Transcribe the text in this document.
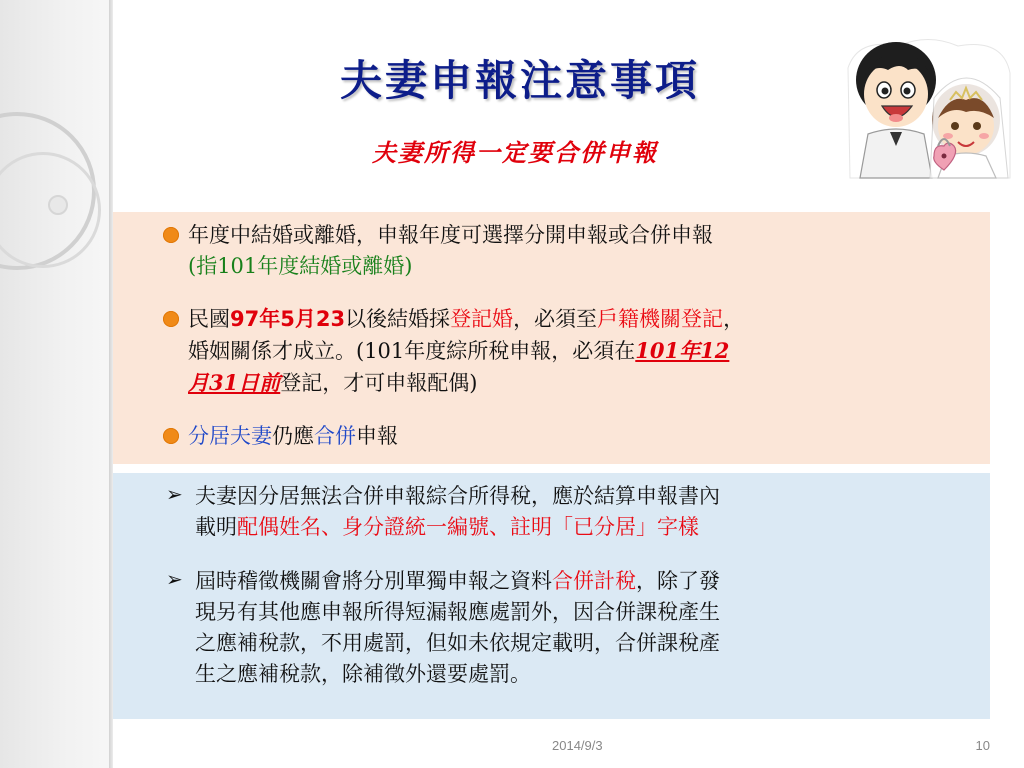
夫妻申報注意事項
夫妻所得一定要合併申報
年度中結婚或離婚，申報年度可選擇分開申報或合併申報
(指101年度結婚或離婚)
民國97年5月23以後結婚採登記婚，必須至戶籍機關登記，
婚姻關係才成立。(101年度綜所稅申報，必須在101年12
月31日前登記，才可申報配偶)
分居夫妻仍應合併申報
➢ 夫妻因分居無法合併申報綜合所得稅，應於結算申報書內
載明配偶姓名、身分證統一編號、註明「已分居」字樣
➢ 屆時稽徵機關會將分別單獨申報之資料合併計稅，除了發
現另有其他應申報所得短漏報應處罰外，因合併課稅產生
之應補稅款，不用處罰，但如未依規定載明，合併課稅產
生之應補稅款，除補徵外還要處罰。
2014/9/3	10
